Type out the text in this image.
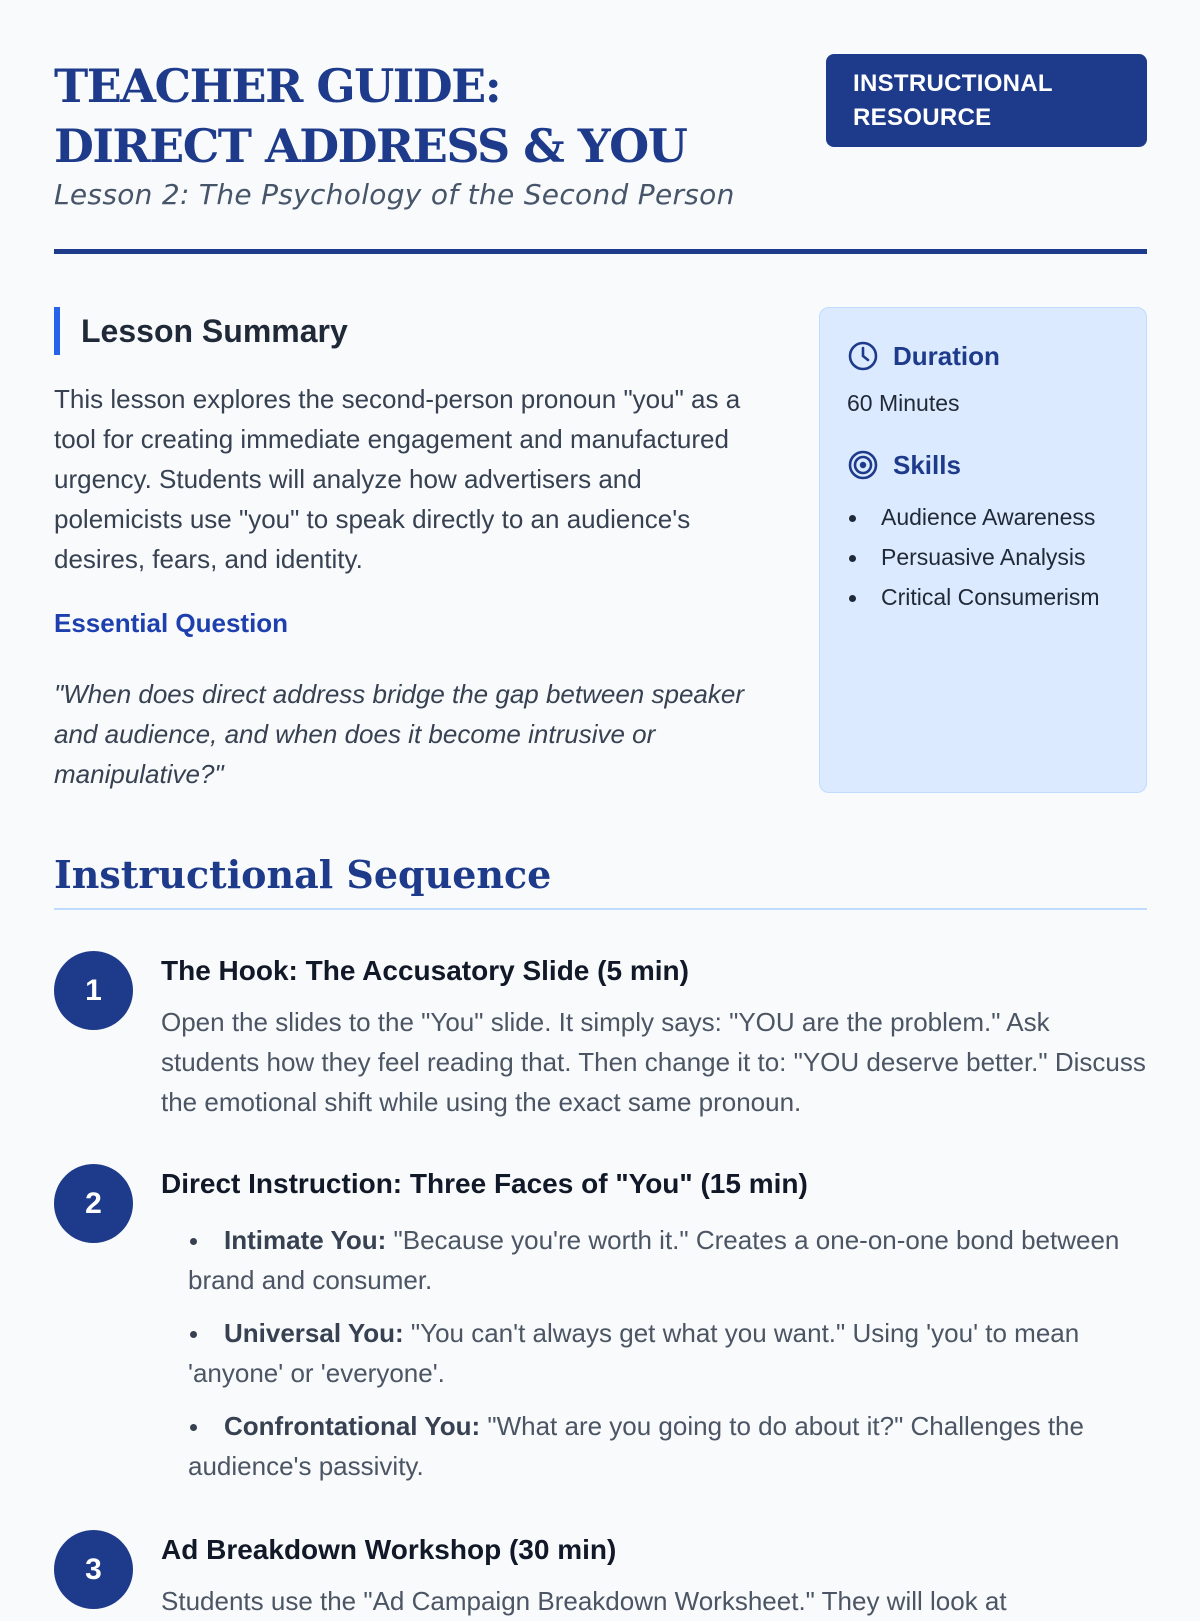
TEACHER GUIDE: DIRECT ADDRESS & YOU
Lesson 2: The Psychology of the Second Person
INSTRUCTIONAL RESOURCE
Lesson Summary

This lesson explores the second-person pronoun "you" as a tool for creating immediate engagement and manufactured urgency. Students will analyze how advertisers and polemicists use "you" to speak directly to an audience's desires, fears, and identity.

Essential Question

"When does direct address bridge the gap between speaker and audience, and when does it become intrusive or manipulative?"

Duration
60 Minutes
Skills
Audience Awareness
Persuasive Analysis
Critical Consumerism
Instructional Sequence
1
The Hook: The Accusatory Slide (5 min)

Open the slides to the "You" slide. It simply says: "YOU are the problem." Ask students how they feel reading that. Then change it to: "YOU deserve better." Discuss the emotional shift while using the exact same pronoun.

2
Direct Instruction: Three Faces of "You" (15 min)
Intimate You: "Because you're worth it." Creates a one-on-one bond between brand and consumer.
Universal You: "You can't always get what you want." Using 'you' to mean 'anyone' or 'everyone'.
Confrontational You: "What are you going to do about it?" Challenges the audience's passivity.
3
Ad Breakdown Workshop (30 min)

Students use the "Ad Campaign Breakdown Worksheet." They will look at
